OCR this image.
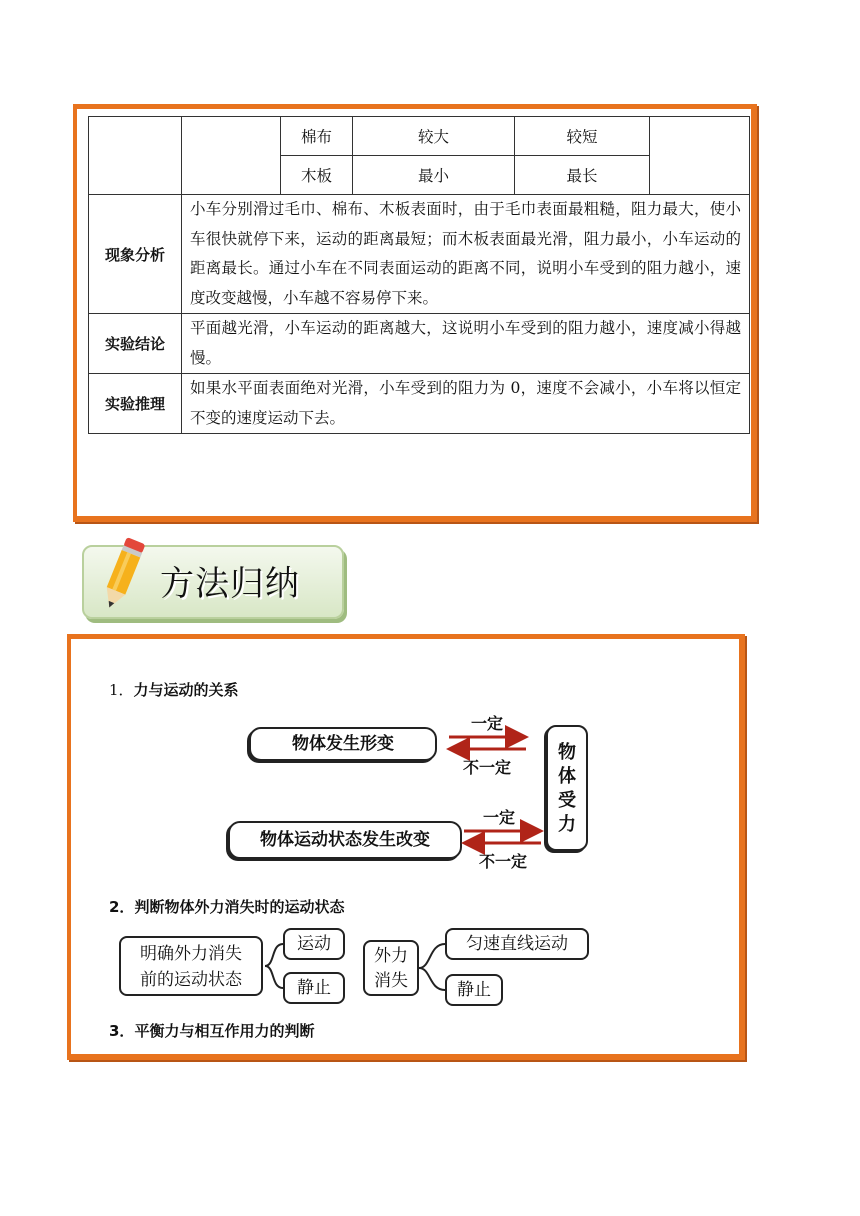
		棉布	较大	较短	
		木板	最小	最长	
现象分析	小车分别滑过毛巾、棉布、木板表面时，由于毛巾表面最粗糙，阻力最大，使小车很快就停下来，运动的距离最短；而木板表面最光滑，阻力最小，小车运动的距离最长。通过小车在不同表面运动的距离不同，说明小车受到的阻力越小，速度改变越慢，小车越不容易停下来。				
实验结论	平面越光滑，小车运动的距离越大，这说明小车受到的阻力越小，速度减小得越慢。				
实验推理	如果水平面表面绝对光滑，小车受到的阻力为 0，速度不会减小，小车将以恒定不变的速度运动下去。				
方法归纳
1．力与运动的关系
物体发生形变
物体运动状态发生改变
物体受力
一定
不一定
一定
不一定
2．判断物体外力消失时的运动状态
明确外力消失
前的运动状态
运动
静止
外力
消失
匀速直线运动
静止
3．平衡力与相互作用力的判断
